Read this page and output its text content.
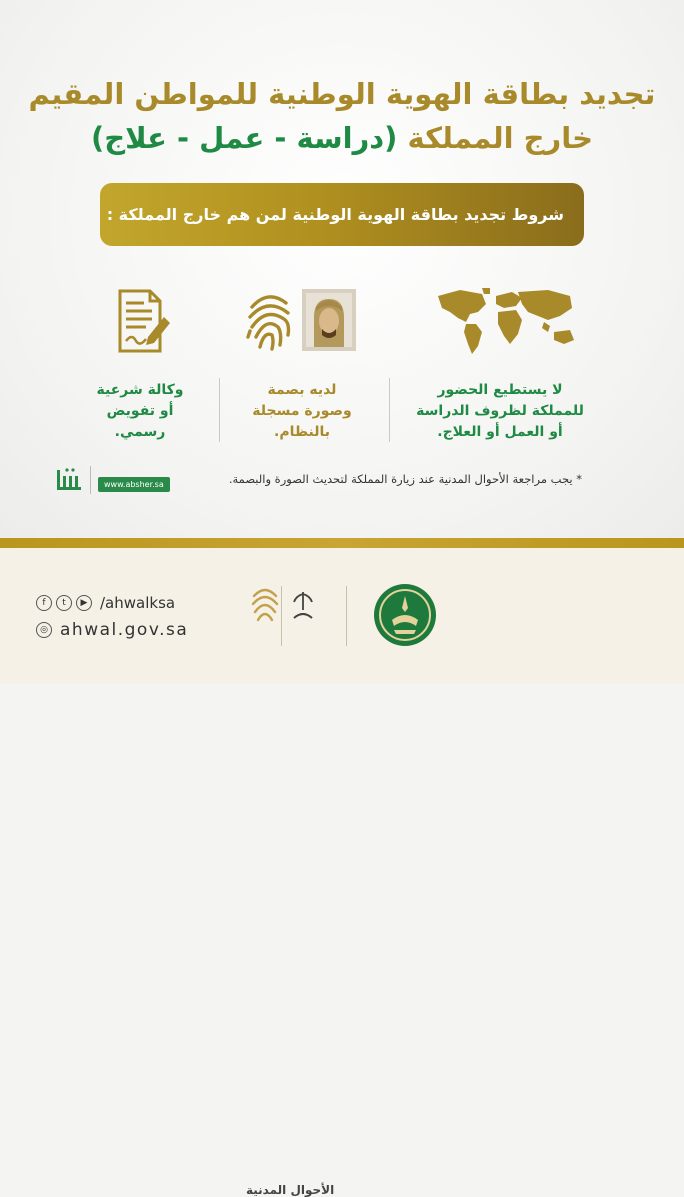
تجديد بطاقة الهوية الوطنية للمواطن المقيم
خارج المملكة (دراسة - عمل - علاج)
شروط تجديد بطاقة الهوية الوطنية لمن هم خارج المملكة :
لا يستطيع الحضور
للمملكة لظروف الدراسة
أو العمل أو العلاج.
لديه بصمة
وصورة مسجلة
بالنظام.
وكالة شرعية
أو تفويض
رسمي.
* يجب مراجعة الأحوال المدنية عند زيارة المملكة لتحديث الصورة والبصمة.
www.absher.sa
الأحوال المدنية
f	t	▶ /ahwalksa
◎ ahwal.gov.sa
